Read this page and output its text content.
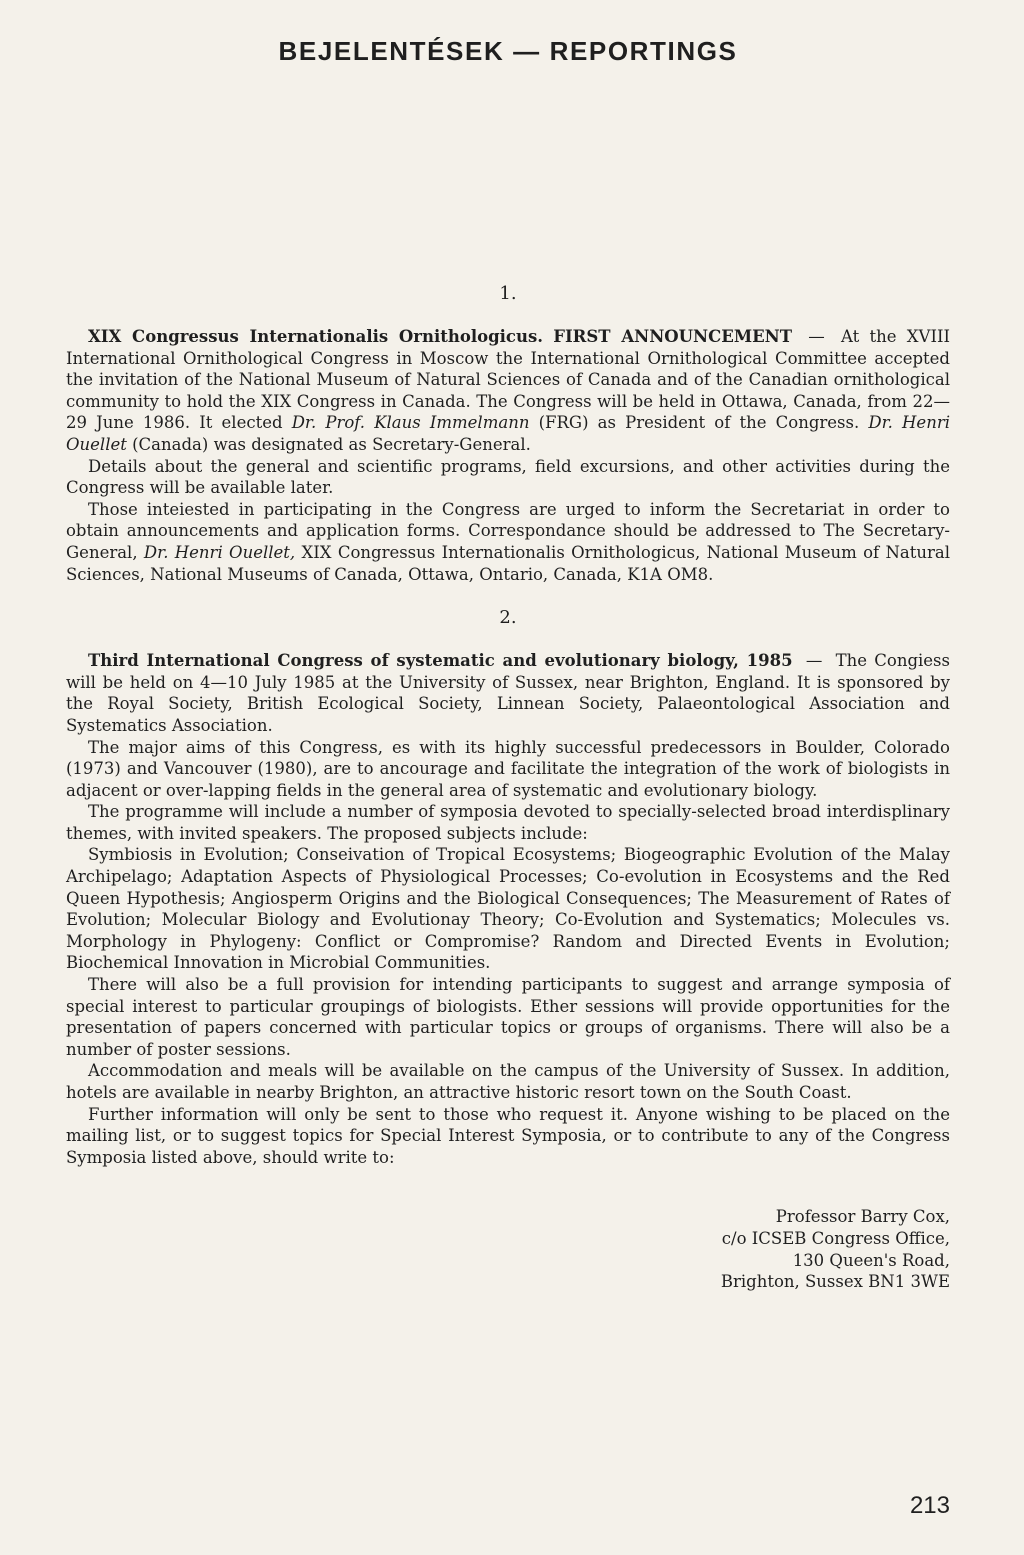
BEJELENTÉSEK — REPORTINGS
1.

XIX Congressus Internationalis Ornithologicus. FIRST ANNOUNCEMENT — At the XVIII International Ornithological Congress in Moscow the International Ornithological Committee accepted the invitation of the National Museum of Natural Sciences of Canada and of the Canadian ornithological community to hold the XIX Congress in Canada. The Congress will be held in Ottawa, Canada, from 22—29 June 1986. It elected Dr. Prof. Klaus Immelmann (FRG) as President of the Congress. Dr. Henri Ouellet (Canada) was designated as Secretary-General.

Details about the general and scientific programs, field excursions, and other activities during the Congress will be available later.

Those inteiested in participating in the Congress are urged to inform the Secretariat in order to obtain announcements and application forms. Correspondance should be addressed to The Secretary-General, Dr. Henri Ouellet, XIX Congressus Internationalis Ornithologicus, National Museum of Natural Sciences, National Museums of Canada, Ottawa, Ontario, Canada, K1A OM8.

2.

Third International Congress of systematic and evolutionary biology, 1985 — The Congiess will be held on 4—10 July 1985 at the University of Sussex, near Brighton, England. It is sponsored by the Royal Society, British Ecological Society, Linnean Society, Palaeontological Association and Systematics Association.

The major aims of this Congress, es with its highly successful predecessors in Boulder, Colorado (1973) and Vancouver (1980), are to ancourage and facilitate the integration of the work of biologists in adjacent or over-lapping fields in the general area of systematic and evolutionary biology.

The programme will include a number of symposia devoted to specially-selected broad interdisplinary themes, with invited speakers. The proposed subjects include:

Symbiosis in Evolution; Conseivation of Tropical Ecosystems; Biogeographic Evolution of the Malay Archipelago; Adaptation Aspects of Physiological Processes; Co-evolution in Ecosystems and the Red Queen Hypothesis; Angiosperm Origins and the Biological Consequences; The Measurement of Rates of Evolution; Molecular Biology and Evolutionay Theory; Co-Evolution and Systematics; Molecules vs. Morphology in Phylogeny: Conflict or Compromise? Random and Directed Events in Evolution; Biochemical Innovation in Microbial Communities.

There will also be a full provision for intending participants to suggest and arrange symposia of special interest to particular groupings of biologists. Ether sessions will provide opportunities for the presentation of papers concerned with particular topics or groups of organisms. There will also be a number of poster sessions.

Accommodation and meals will be available on the campus of the University of Sussex. In addition, hotels are available in nearby Brighton, an attractive historic resort town on the South Coast.

Further information will only be sent to those who request it. Anyone wishing to be placed on the mailing list, or to suggest topics for Special Interest Symposia, or to contribute to any of the Congress Symposia listed above, should write to:

Professor Barry Cox,
c/o ICSEB Congress Office,
130 Queen's Road,
Brighton, Sussex BN1 3WE
213
